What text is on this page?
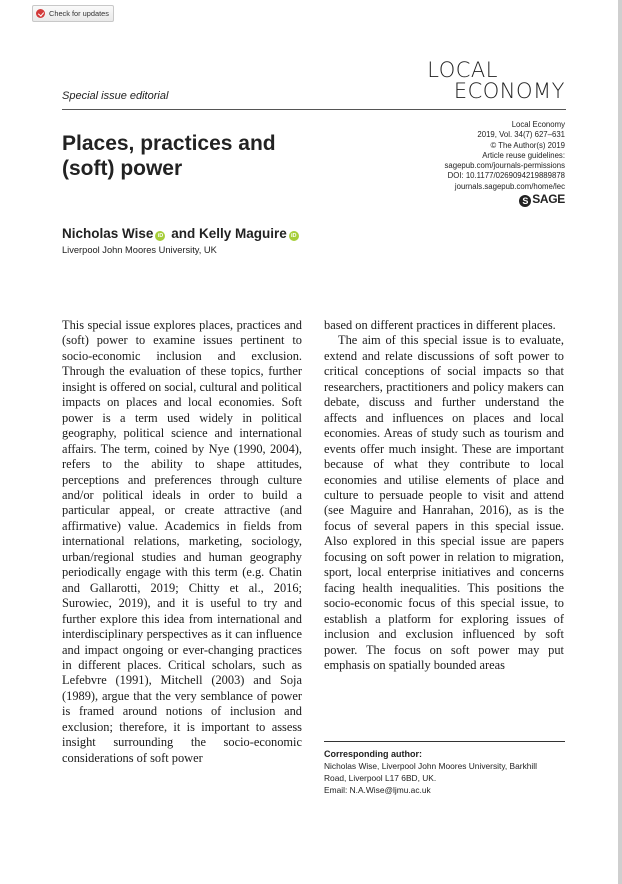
Check for updates
LOCAL
ECONOMY
Special issue editorial
Places, practices and (soft) power
Local Economy
2019, Vol. 34(7) 627–631
© The Author(s) 2019
Article reuse guidelines:
sagepub.com/journals-permissions
DOI: 10.1177/0269094219889878
journals.sagepub.com/home/lec
S SAGE
Nicholas Wise iD and Kelly Maguire iD
Liverpool John Moores University, UK

This special issue explores places, practices and (soft) power to examine issues pertinent to socio-economic inclusion and exclusion. Through the evaluation of these topics, further insight is offered on social, cultural and political impacts on places and local economies. Soft power is a term used widely in political geography, political science and international affairs. The term, coined by Nye (1990, 2004), refers to the ability to shape attitudes, perceptions and preferences through culture and/or political ideals in order to build a particular appeal, or create attractive (and affirmative) value. Academics in fields from international relations, marketing, sociology, urban/regional studies and human geography periodically engage with this term (e.g. Chatin and Gallarotti, 2019; Chitty et al., 2016; Surowiec, 2019), and it is useful to try and further explore this idea from international and interdisciplinary perspectives as it can influence and impact ongoing or ever-changing practices in different places. Critical scholars, such as Lefebvre (1991), Mitchell (2003) and Soja (1989), argue that the very semblance of power is framed around notions of inclusion and exclusion; therefore, it is important to assess insight surrounding the socio-economic considerations of soft power

based on different practices in different places.

The aim of this special issue is to evaluate, extend and relate discussions of soft power to critical conceptions of social impacts so that researchers, practitioners and policy makers can debate, discuss and further understand the affects and influences on places and local economies. Areas of study such as tourism and events offer much insight. These are important because of what they contribute to local economies and utilise elements of place and culture to persuade people to visit and attend (see Maguire and Hanrahan, 2016), as is the focus of several papers in this special issue. Also explored in this special issue are papers focusing on soft power in relation to migration, sport, local enterprise initiatives and concerns facing health inequalities. This positions the socio-economic focus of this special issue, to establish a platform for exploring issues of inclusion and exclusion influenced by soft power. The focus on soft power may put emphasis on spatially bounded areas

Corresponding author:
Nicholas Wise, Liverpool John Moores University, Barkhill
Road, Liverpool L17 6BD, UK.
Email: N.A.Wise@ljmu.ac.uk
